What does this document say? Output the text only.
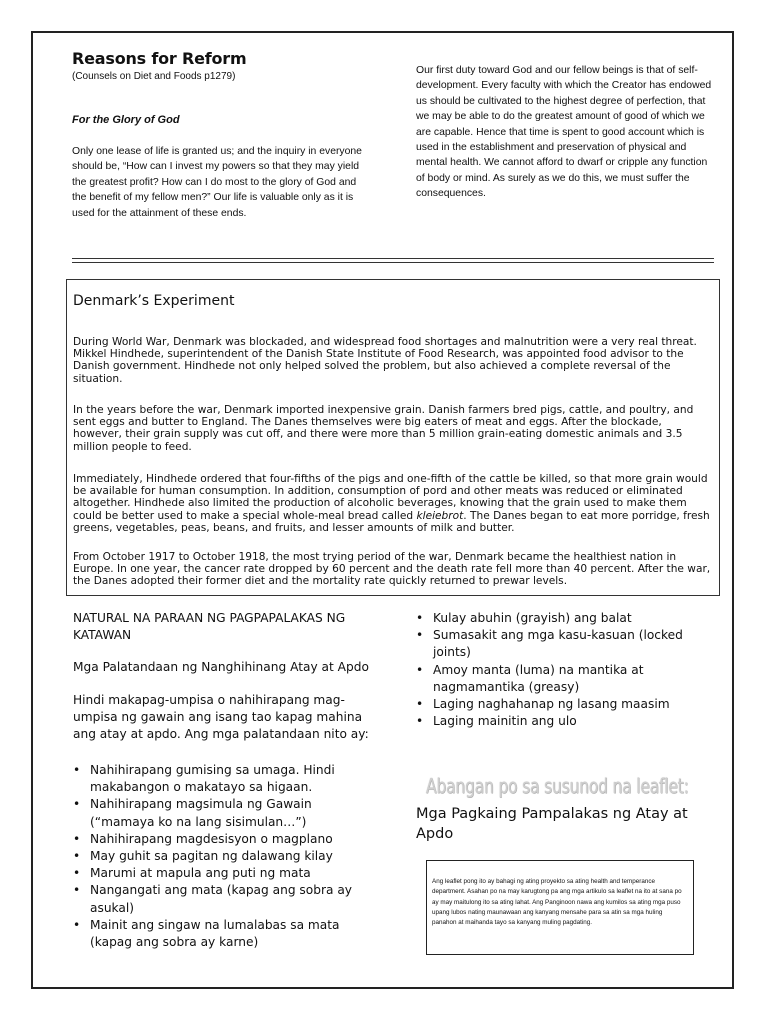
Reasons for Reform
(Counsels on Diet and Foods p1279)
For the Glory of God

Only one lease of life is granted us; and the inquiry in everyone should be, “How can I invest my powers so that they may yield the greatest profit? How can I do most to the glory of God and the benefit of my fellow men?” Our life is valuable only as it is used for the attainment of these ends.

Our first duty toward God and our fellow beings is that of self-development. Every faculty with which the Creator has endowed us should be cultivated to the highest degree of perfection, that we may be able to do the greatest amount of good of which we are capable. Hence that time is spent to good account which is used in the establishment and preservation of physical and mental health. We cannot afford to dwarf or cripple any function of body or mind. As surely as we do this, we must suffer the consequences.

Denmark’s Experiment

During World War, Denmark was blockaded, and widespread food shortages and malnutrition were a very real threat. Mikkel Hindhede, superintendent of the Danish State Institute of Food Research, was appointed food advisor to the Danish government. Hindhede not only helped solved the problem, but also achieved a complete reversal of the situation.

In the years before the war, Denmark imported inexpensive grain. Danish farmers bred pigs, cattle, and poultry, and sent eggs and butter to England. The Danes themselves were big eaters of meat and eggs. After the blockade, however, their grain supply was cut off, and there were more than 5 million grain-eating domestic animals and 3.5 million people to feed.

Immediately, Hindhede ordered that four-fifths of the pigs and one-fifth of the cattle be killed, so that more grain would be available for human consumption. In addition, consumption of pord and other meats was reduced or eliminated altogether. Hindhede also limited the production of alcoholic beverages, knowing that the grain used to make them could be better used to make a special whole-meal bread called kleiebrot. The Danes began to eat more porridge, fresh greens, vegetables, peas, beans, and fruits, and lesser amounts of milk and butter.

From October 1917 to October 1918, the most trying period of the war, Denmark became the healthiest nation in Europe. In one year, the cancer rate dropped by 60 percent and the death rate fell more than 40 percent. After the war, the Danes adopted their former diet and the mortality rate quickly returned to prewar levels.

NATURAL NA PARAAN NG PAGPAPALAKAS NG KATAWAN

Mga Palatandaan ng Nanghihinang Atay at Apdo

Hindi makapag-umpisa o nahihirapang mag-umpisa ng gawain ang isang tao kapag mahina ang atay at apdo. Ang mga palatandaan nito ay:

• Nahihirapang gumising sa umaga. Hindi makabangon o makatayo sa higaan.
• Nahihirapang magsimula ng Gawain (“mamaya ko na lang sisimulan…”)
• Nahihirapang magdesisyon o magplano
• May guhit sa pagitan ng dalawang kilay
• Marumi at mapula ang puti ng mata
• Nangangati ang mata (kapag ang sobra ay asukal)
• Mainit ang singaw na lumalabas sa mata (kapag ang sobra ay karne)
• Kulay abuhin (grayish) ang balat
• Sumasakit ang mga kasu-kasuan (locked joints)
• Amoy manta (luma) na mantika at nagmamantika (greasy)
• Laging naghahanap ng lasang maasim
• Laging mainitin ang ulo
Abangan po sa susunod na leaflet:

Mga Pagkaing Pampalakas ng Atay at Apdo

Ang leaflet pong ito ay bahagi ng ating proyekto sa ating health and temperance department. Asahan po na may karugtong pa ang mga artikulo sa leaflet na ito at sana po ay may maitulong ito sa ating lahat. Ang Panginoon nawa ang kumilos sa ating mga puso upang lubos nating maunawaan ang kanyang mensahe para sa atin sa mga huling panahon at maihanda tayo sa kanyang muling pagdating.
